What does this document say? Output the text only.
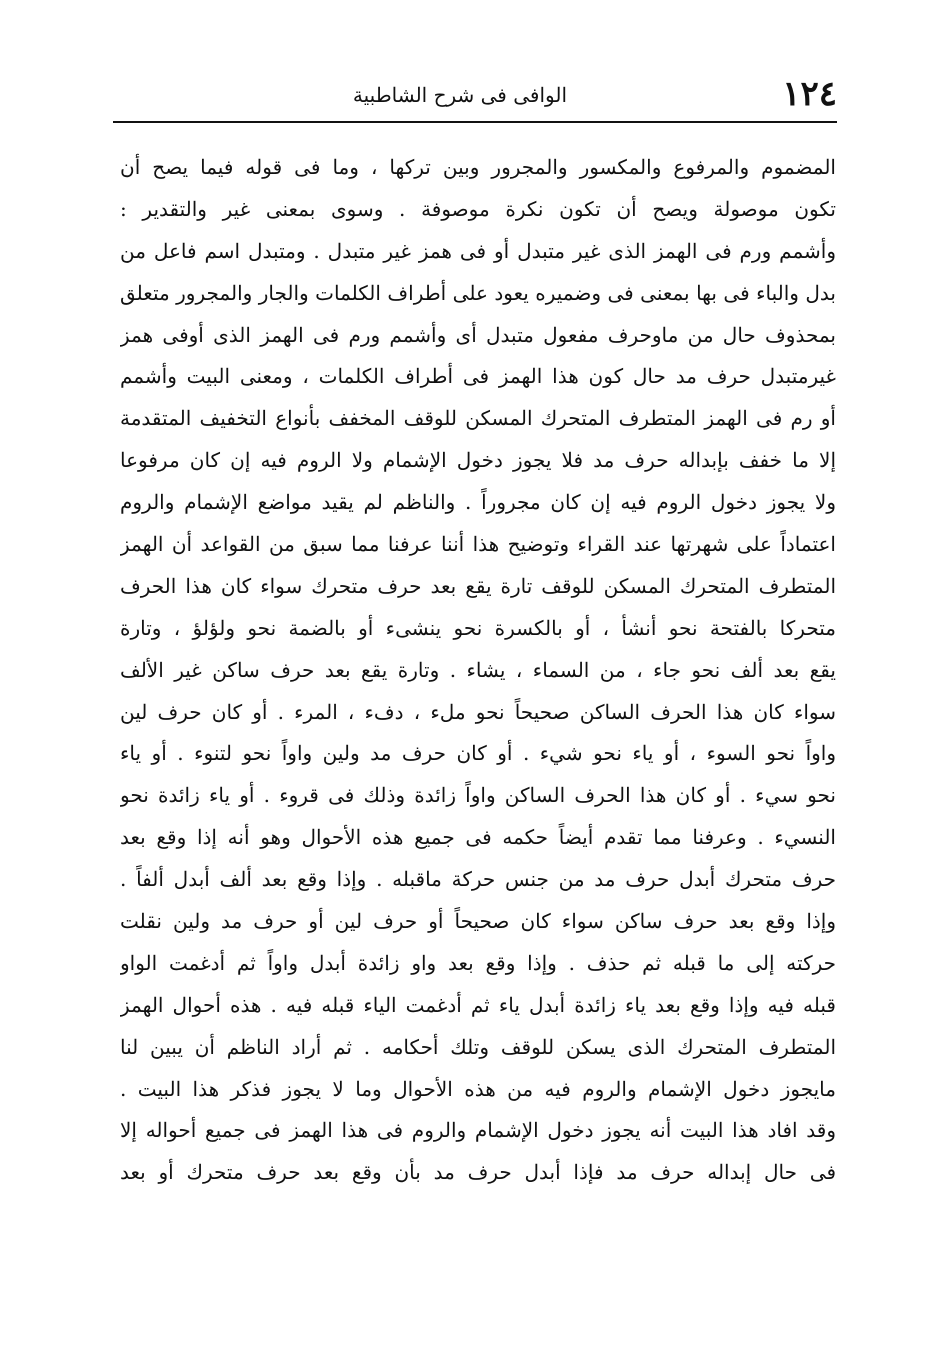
١٢٤
الوافى فى شرح الشاطبية
المضموم والمرفوع والمكسور والمجرور وبين تركها ، وما فى قوله فيما يصح أن
تكون موصولة ويصح أن تكون نكرة موصوفة . وسوى بمعنى غير والتقدير :
وأشمم ورم فى الهمز الذى غير متبدل أو فى همز غير متبدل . ومتبدل اسم فاعل من
بدل والباء فى بها بمعنى فى وضميره يعود على أطراف الكلمات والجار والمجرور متعلق
بمحذوف حال من ماوحرف مفعول متبدل أى وأشمم ورم فى الهمز الذى أوفى همز
غيرمتبدل حرف مد حال كون هذا الهمز فى أطراف الكلمات ، ومعنى البيت وأشمم
أو رم فى الهمز المتطرف المتحرك المسكن للوقف المخفف بأنواع التخفيف المتقدمة
إلا ما خفف بإبداله حرف مد فلا يجوز دخول الإشمام ولا الروم فيه إن كان مرفوعا
ولا يجوز دخول الروم فيه إن كان مجروراً . والناظم لم يقيد مواضع الإشمام والروم
اعتماداً على شهرتها عند القراء وتوضيح هذا أننا عرفنا مما سبق من القواعد أن الهمز
المتطرف المتحرك المسكن للوقف تارة يقع بعد حرف متحرك سواء كان هذا الحرف
متحركا بالفتحة نحو أنشأ ، أو بالكسرة نحو ينشىء أو بالضمة نحو ولؤلؤ ، وتارة
يقع بعد ألف نحو جاء ، من السماء ، يشاء . وتارة يقع بعد حرف ساكن غير الألف
سواء كان هذا الحرف الساكن صحيحاً نحو ملء ، دفء ، المرء . أو كان حرف لين
واواً نحو السوء ، أو ياء نحو شيء . أو كان حرف مد ولين واواً نحو لتنوء . أو ياء
نحو سيء . أو كان هذا الحرف الساكن واواً زائدة وذلك فى قروء . أو ياء زائدة نحو
النسيء . وعرفنا مما تقدم أيضاً حكمه فى جميع هذه الأحوال وهو أنه إذا وقع بعد
حرف متحرك أبدل حرف مد من جنس حركة ماقبله . وإذا وقع بعد ألف أبدل ألفاً .
وإذا وقع بعد حرف ساكن سواء كان صحيحاً أو حرف لين أو حرف مد ولين نقلت
حركته إلى ما قبله ثم حذف . وإذا وقع بعد واو زائدة أبدل واواً ثم أدغمت الواو
قبله فيه وإذا وقع بعد ياء زائدة أبدل ياء ثم أدغمت الياء قبله فيه . هذه أحوال الهمز
المتطرف المتحرك الذى يسكن للوقف وتلك أحكامه . ثم أراد الناظم أن يبين لنا
مايجوز دخول الإشمام والروم فيه من هذه الأحوال وما لا يجوز فذكر هذا البيت .
وقد افاد هذا البيت أنه يجوز دخول الإشمام والروم فى هذا الهمز فى جميع أحواله إلا
فى حال إبداله حرف مد فإذا أبدل حرف مد بأن وقع بعد حرف متحرك أو بعد
